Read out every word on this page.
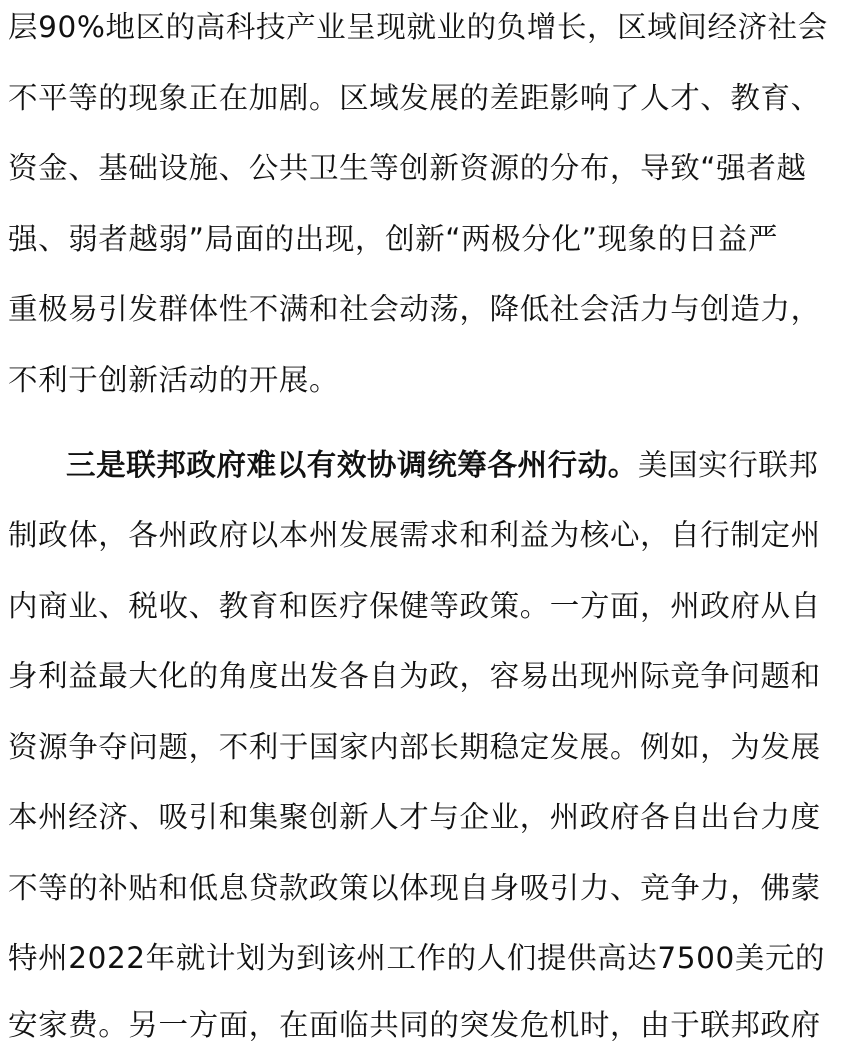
层90%地区的高科技产业呈现就业的负增长，区域间经济社会
不平等的现象正在加剧。区域发展的差距影响了人才、教育、
资金、基础设施、公共卫生等创新资源的分布，导致“强者越
强、弱者越弱”局面的出现，创新“两极分化”现象的日益严
重极易引发群体性不满和社会动荡，降低社会活力与创造力，
不利于创新活动的开展。
三是联邦政府难以有效协调统筹各州行动。美国实行联邦
制政体，各州政府以本州发展需求和利益为核心，自行制定州
内商业、税收、教育和医疗保健等政策。一方面，州政府从自
身利益最大化的角度出发各自为政，容易出现州际竞争问题和
资源争夺问题，不利于国家内部长期稳定发展。例如，为发展
本州经济、吸引和集聚创新人才与企业，州政府各自出台力度
不等的补贴和低息贷款政策以体现自身吸引力、竞争力，佛蒙
特州2022年就计划为到该州工作的人们提供高达7500美元的
安家费。另一方面，在面临共同的突发危机时，由于联邦政府
